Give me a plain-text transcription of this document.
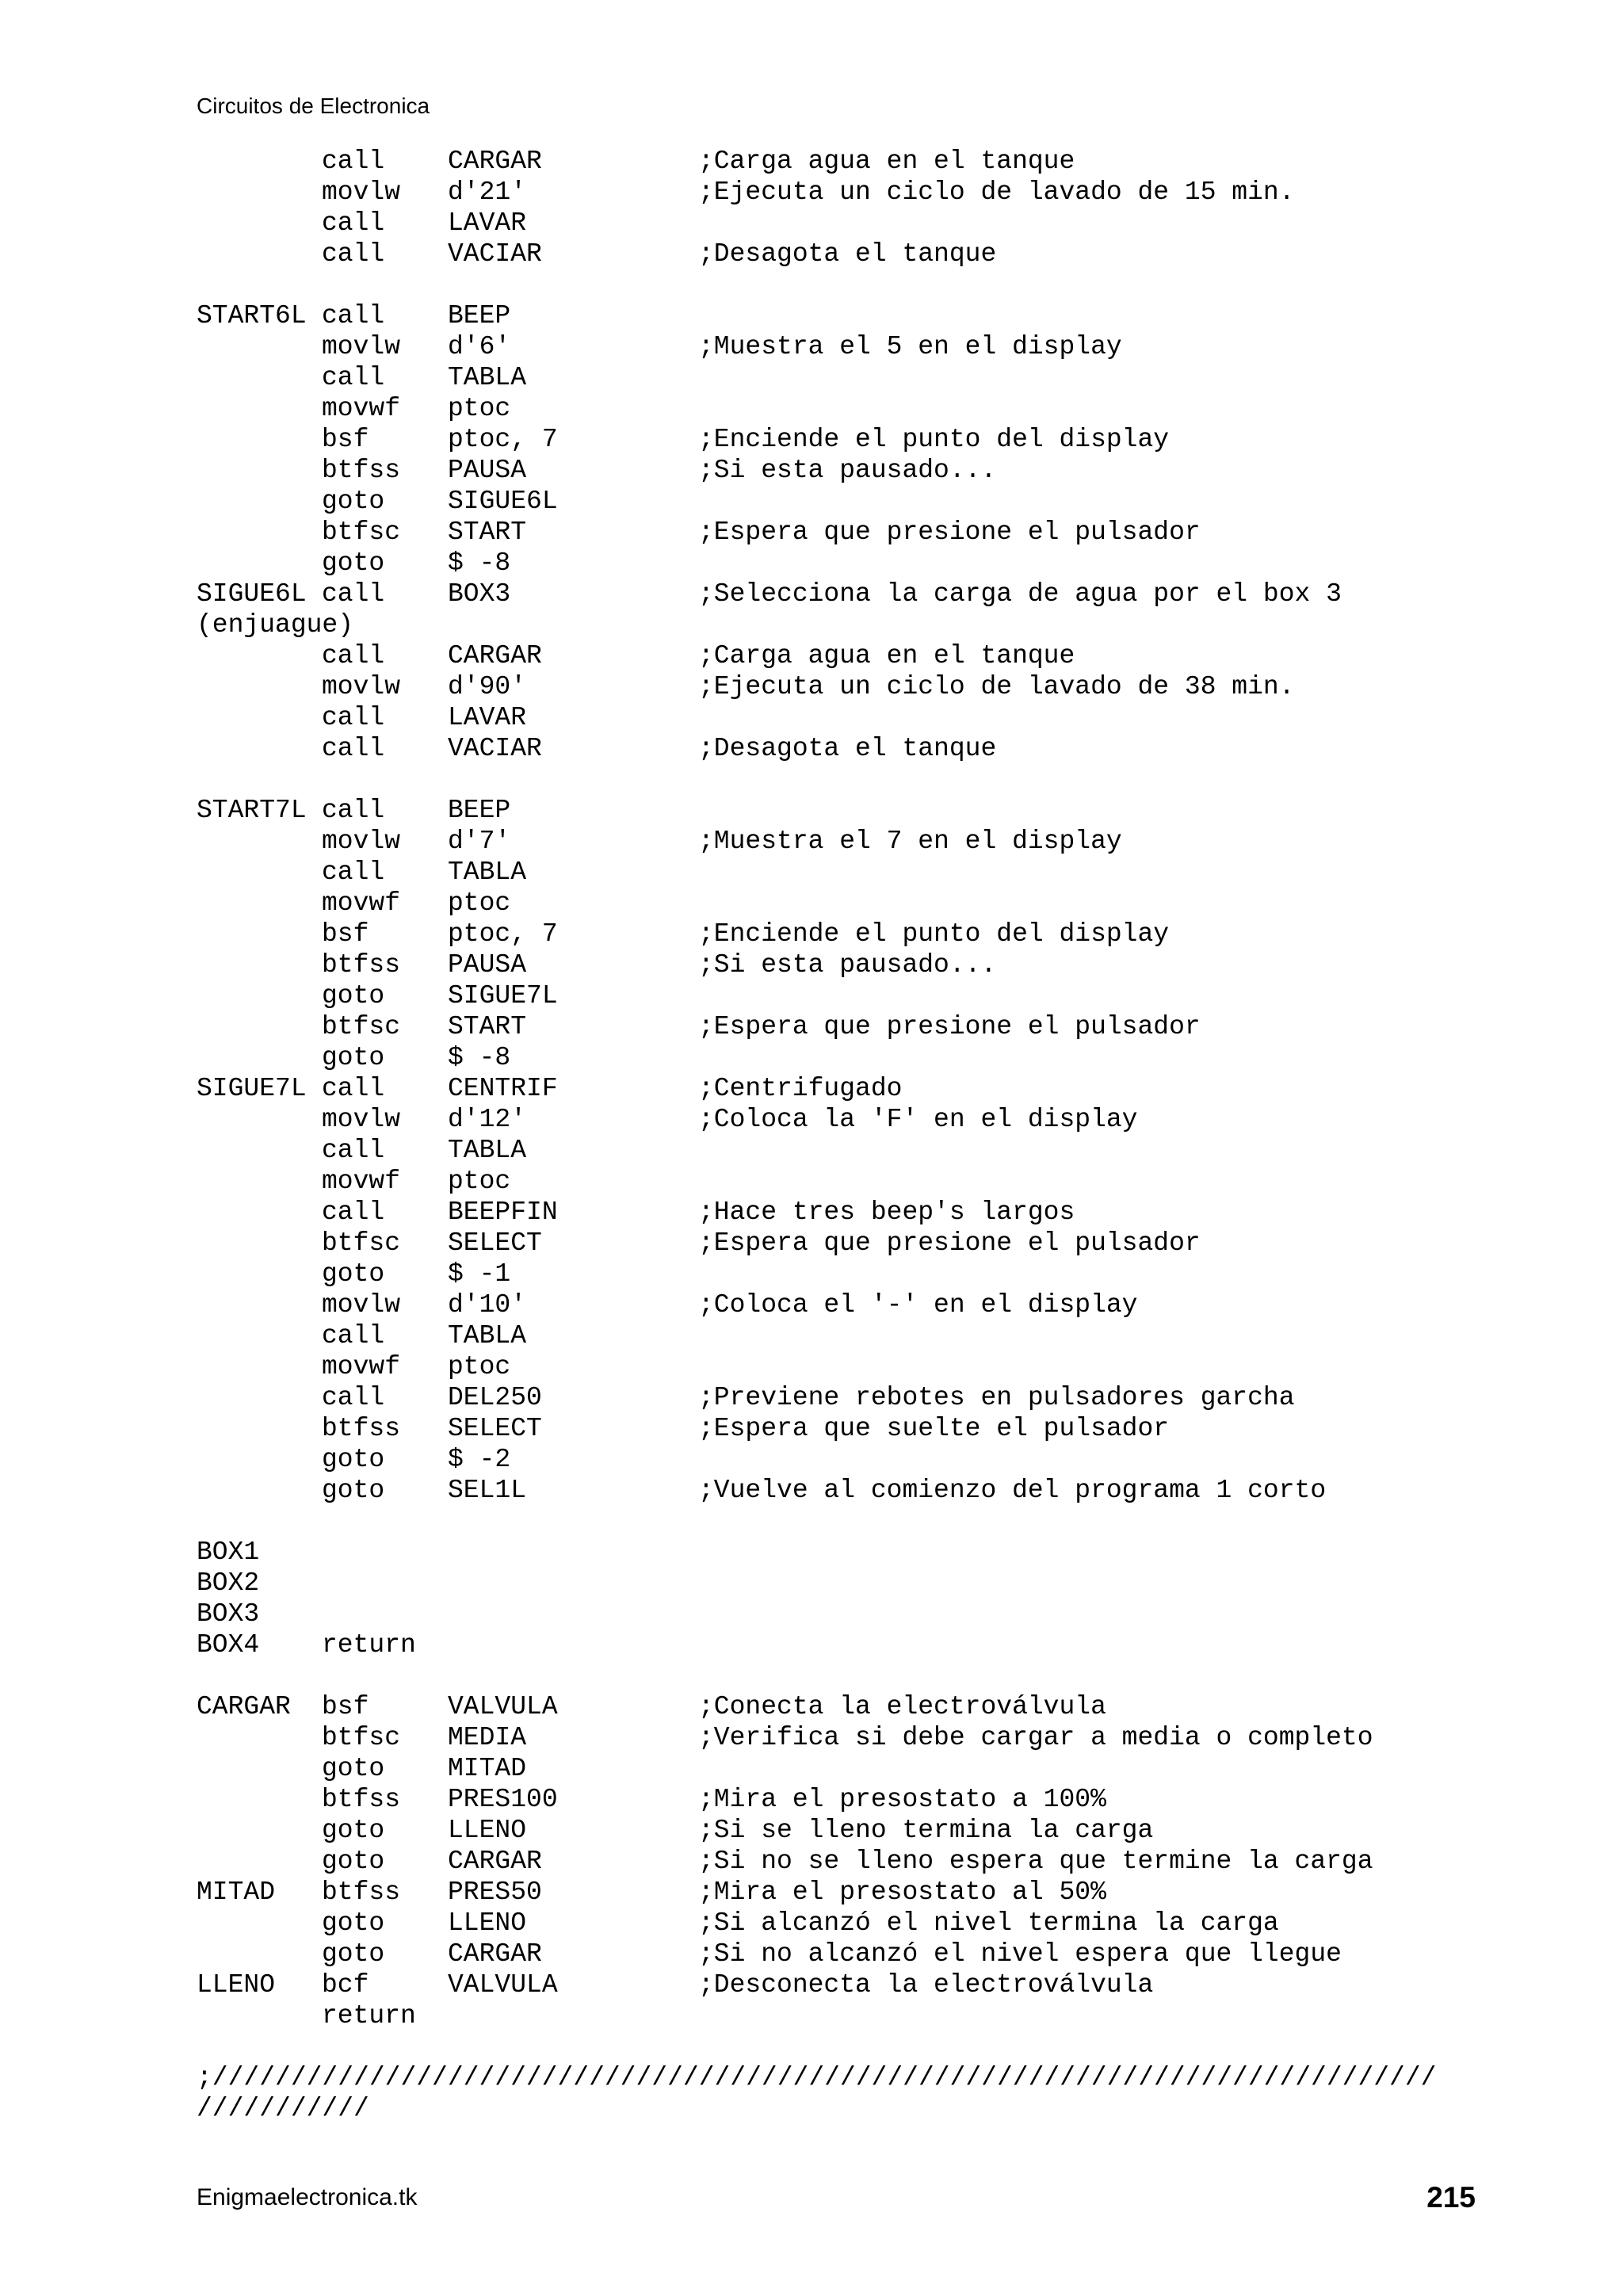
Circuitos de Electronica
call CARGAR	;Carga agua en el tanque
movlw d'21'	;Ejecuta un ciclo de lavado de 15 min.
call LAVAR
call VACIAR	;Desagota el tanque
START6L call BEEP
movlw d'6'	;Muestra el 5 en el display
call TABLA
movwf ptoc
bsf	ptoc, 7	;Enciende el punto del display
btfss PAUSA	;Si esta pausado...
goto SIGUE6L
btfsc START	;Espera que presione el pulsador
goto $ -8
SIGUE6L call BOX3	;Selecciona la carga de agua por el box 3
(enjuague)
call CARGAR	;Carga agua en el tanque
movlw d'90'	;Ejecuta un ciclo de lavado de 38 min.
call LAVAR
call VACIAR	;Desagota el tanque
START7L call BEEP
movlw d'7'	;Muestra el 7 en el display
call TABLA
movwf ptoc
bsf	ptoc, 7	;Enciende el punto del display
btfss PAUSA	;Si esta pausado...
goto SIGUE7L
btfsc START	;Espera que presione el pulsador
goto $ -8
SIGUE7L call CENTRIF	;Centrifugado
movlw d'12'	;Coloca la 'F' en el display
call TABLA
movwf ptoc
call BEEPFIN	;Hace tres beep's largos
btfsc SELECT	;Espera que presione el pulsador
goto $ -1
movlw d'10'	;Coloca el '-' en el display
call TABLA
movwf ptoc
call DEL250	;Previene rebotes en pulsadores garcha
btfss SELECT	;Espera que suelte el pulsador
goto $ -2
goto SEL1L	;Vuelve al comienzo del programa 1 corto
BOX1
BOX2
BOX3
BOX4 return
CARGAR bsf	VALVULA	;Conecta la electroválvula
btfsc MEDIA	;Verifica si debe cargar a media o completo
goto MITAD
btfss PRES100	;Mira el presostato a 100%
goto LLENO	;Si se lleno termina la carga
goto CARGAR	;Si no se lleno espera que termine la carga
MITAD btfss PRES50	;Mira el presostato al 50%
goto LLENO	;Si alcanzó el nivel termina la carga
goto CARGAR	;Si no alcanzó el nivel espera que llegue
LLENO bcf	VALVULA	;Desconecta la electroválvula
return
;//////////////////////////////////////////////////////////////////////////////
///////////
Enigmaelectronica.tk	215
